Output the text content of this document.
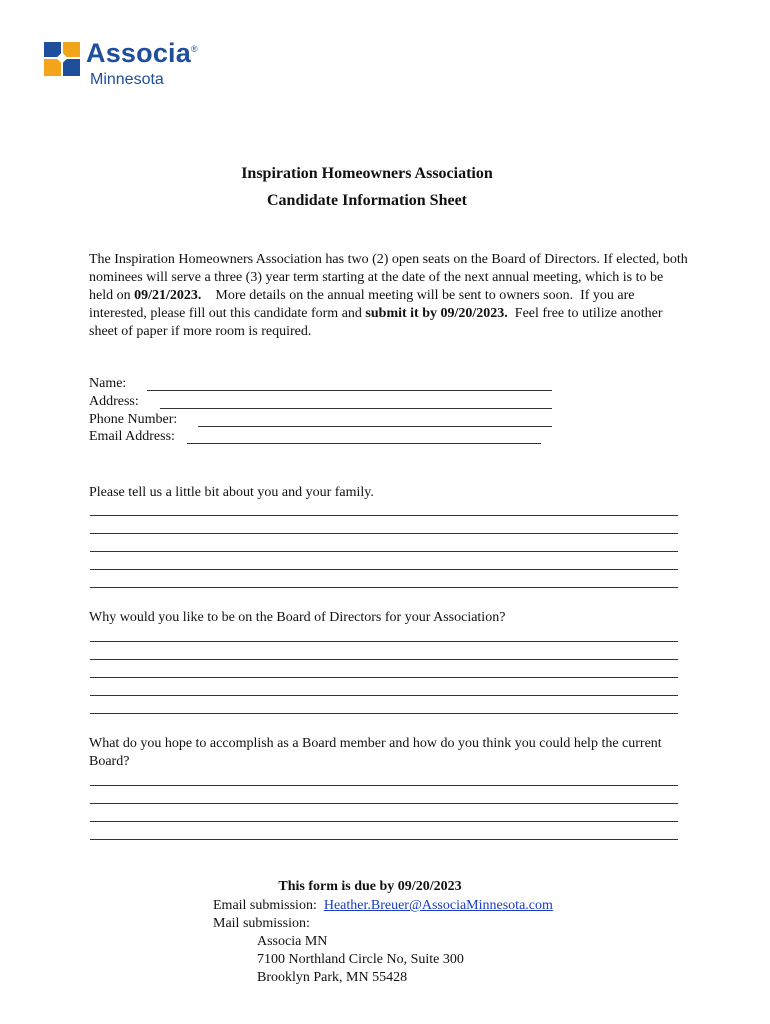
Associa®
Minnesota
Inspiration Homeowners Association
Candidate Information Sheet
The Inspiration Homeowners Association has two (2) open seats on the Board of Directors. If elected, both nominees will serve a three (3) year term starting at the date of the next annual meeting, which is to be held on 09/21/2023.    More details on the annual meeting will be sent to owners soon.  If you are interested, please fill out this candidate form and submit it by 09/20/2023.  Feel free to utilize another sheet of paper if more room is required.
Name:
Address:
Phone Number:
Email Address:
Please tell us a little bit about you and your family.
Why would you like to be on the Board of Directors for your Association?
What do you hope to accomplish as a Board member and how do you think you could help the current Board?
This form is due by 09/20/2023
Email submission:  Heather.Breuer@AssociaMinnesota.com
Mail submission:
Associa MN
7100 Northland Circle No, Suite 300
Brooklyn Park, MN 55428
